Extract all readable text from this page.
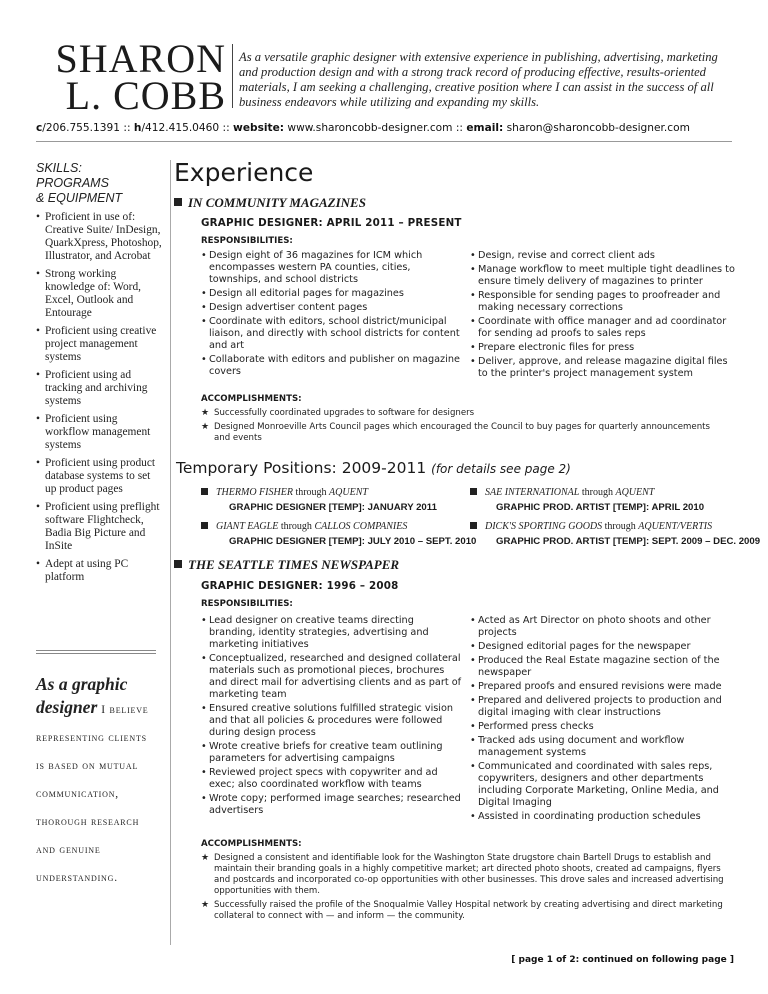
SHARON
L. COBB
As a versatile graphic designer with extensive experience in publishing, advertising, marketing and production design and with a strong track record of producing effective, results-oriented materials, I am seeking a challenging, creative position where I can assist in the success of all business endeavors while utilizing and expanding my skills.
c/206.755.1391 :: h/412.415.0460 :: website: www.sharoncobb-designer.com :: email: sharon@sharoncobb-designer.com
SKILLS:
PROGRAMS
& EQUIPMENT
• Proficient in use of: Creative Suite/ InDesign, QuarkXpress, Photoshop, Illustrator, and Acrobat
• Strong working knowledge of: Word, Excel, Outlook and Entourage
• Proficient using creative project management systems
• Proficient using ad tracking and archiving systems
• Proficient using workflow management systems
• Proficient using product database systems to set up product pages
• Proficient using preflight software Flightcheck, Badia Big Picture and InSite
• Adept at using PC platform
As a graphic
designer I believe
representing clients
is based on mutual
communication,
thorough research
and genuine
understanding.
Experience
IN COMMUNITY MAGAZINES
GRAPHIC DESIGNER: APRIL 2011 – PRESENT
RESPONSIBILITIES:
• Design eight of 36 magazines for ICM which encompasses western PA counties, cities, townships, and school districts
• Design all editorial pages for magazines
• Design advertiser content pages
• Coordinate with editors, school district/municipal liaison, and directly with school districts for content and art
• Collaborate with editors and publisher on magazine covers
• Design, revise and correct client ads
• Manage workflow to meet multiple tight deadlines to ensure timely delivery of magazines to printer
• Responsible for sending pages to proofreader and making necessary corrections
• Coordinate with office manager and ad coordinator for sending ad proofs to sales reps
• Prepare electronic files for press
• Deliver, approve, and release magazine digital files to the printer's project management system
ACCOMPLISHMENTS:
★ Successfully coordinated upgrades to software for designers
★ Designed Monroeville Arts Council pages which encouraged the Council to buy pages for quarterly announcements and events
Temporary Positions: 2009-2011 (for details see page 2)
THERMO FISHER through AQUENT
GRAPHIC DESIGNER [TEMP]: JANUARY 2011
SAE INTERNATIONAL through AQUENT
GRAPHIC PROD. ARTIST [TEMP]: APRIL 2010
GIANT EAGLE through CALLOS COMPANIES
GRAPHIC DESIGNER [TEMP]: JULY 2010 – SEPT. 2010
DICK'S SPORTING GOODS through AQUENT/VERTIS
GRAPHIC PROD. ARTIST [TEMP]: SEPT. 2009 – DEC. 2009
THE SEATTLE TIMES NEWSPAPER
GRAPHIC DESIGNER: 1996 – 2008
RESPONSIBILITIES:
• Lead designer on creative teams directing branding, identity strategies, advertising and marketing initiatives
• Conceptualized, researched and designed collateral materials such as promotional pieces, brochures and direct mail for advertising clients and as part of marketing team
• Ensured creative solutions fulfilled strategic vision and that all policies & procedures were followed during design process
• Wrote creative briefs for creative team outlining parameters for advertising campaigns
• Reviewed project specs with copywriter and ad exec; also coordinated workflow with teams
• Wrote copy; performed image searches; researched advertisers
• Acted as Art Director on photo shoots and other projects
• Designed editorial pages for the newspaper
• Produced the Real Estate magazine section of the newspaper
• Prepared proofs and ensured revisions were made
• Prepared and delivered projects to production and digital imaging with clear instructions
• Performed press checks
• Tracked ads using document and workflow management systems
• Communicated and coordinated with sales reps, copywriters, designers and other departments including Corporate Marketing, Online Media, and Digital Imaging
• Assisted in coordinating production schedules
ACCOMPLISHMENTS:
★ Designed a consistent and identifiable look for the Washington State drugstore chain Bartell Drugs to establish and maintain their branding goals in a highly competitive market; art directed photo shoots, created ad campaigns, flyers and postcards and incorporated co-op opportunities with other businesses. This drove sales and increased advertising opportunities with them.
★ Successfully raised the profile of the Snoqualmie Valley Hospital network by creating advertising and direct marketing collateral to connect with — and inform — the community.
[ page 1 of 2: continued on following page ]
